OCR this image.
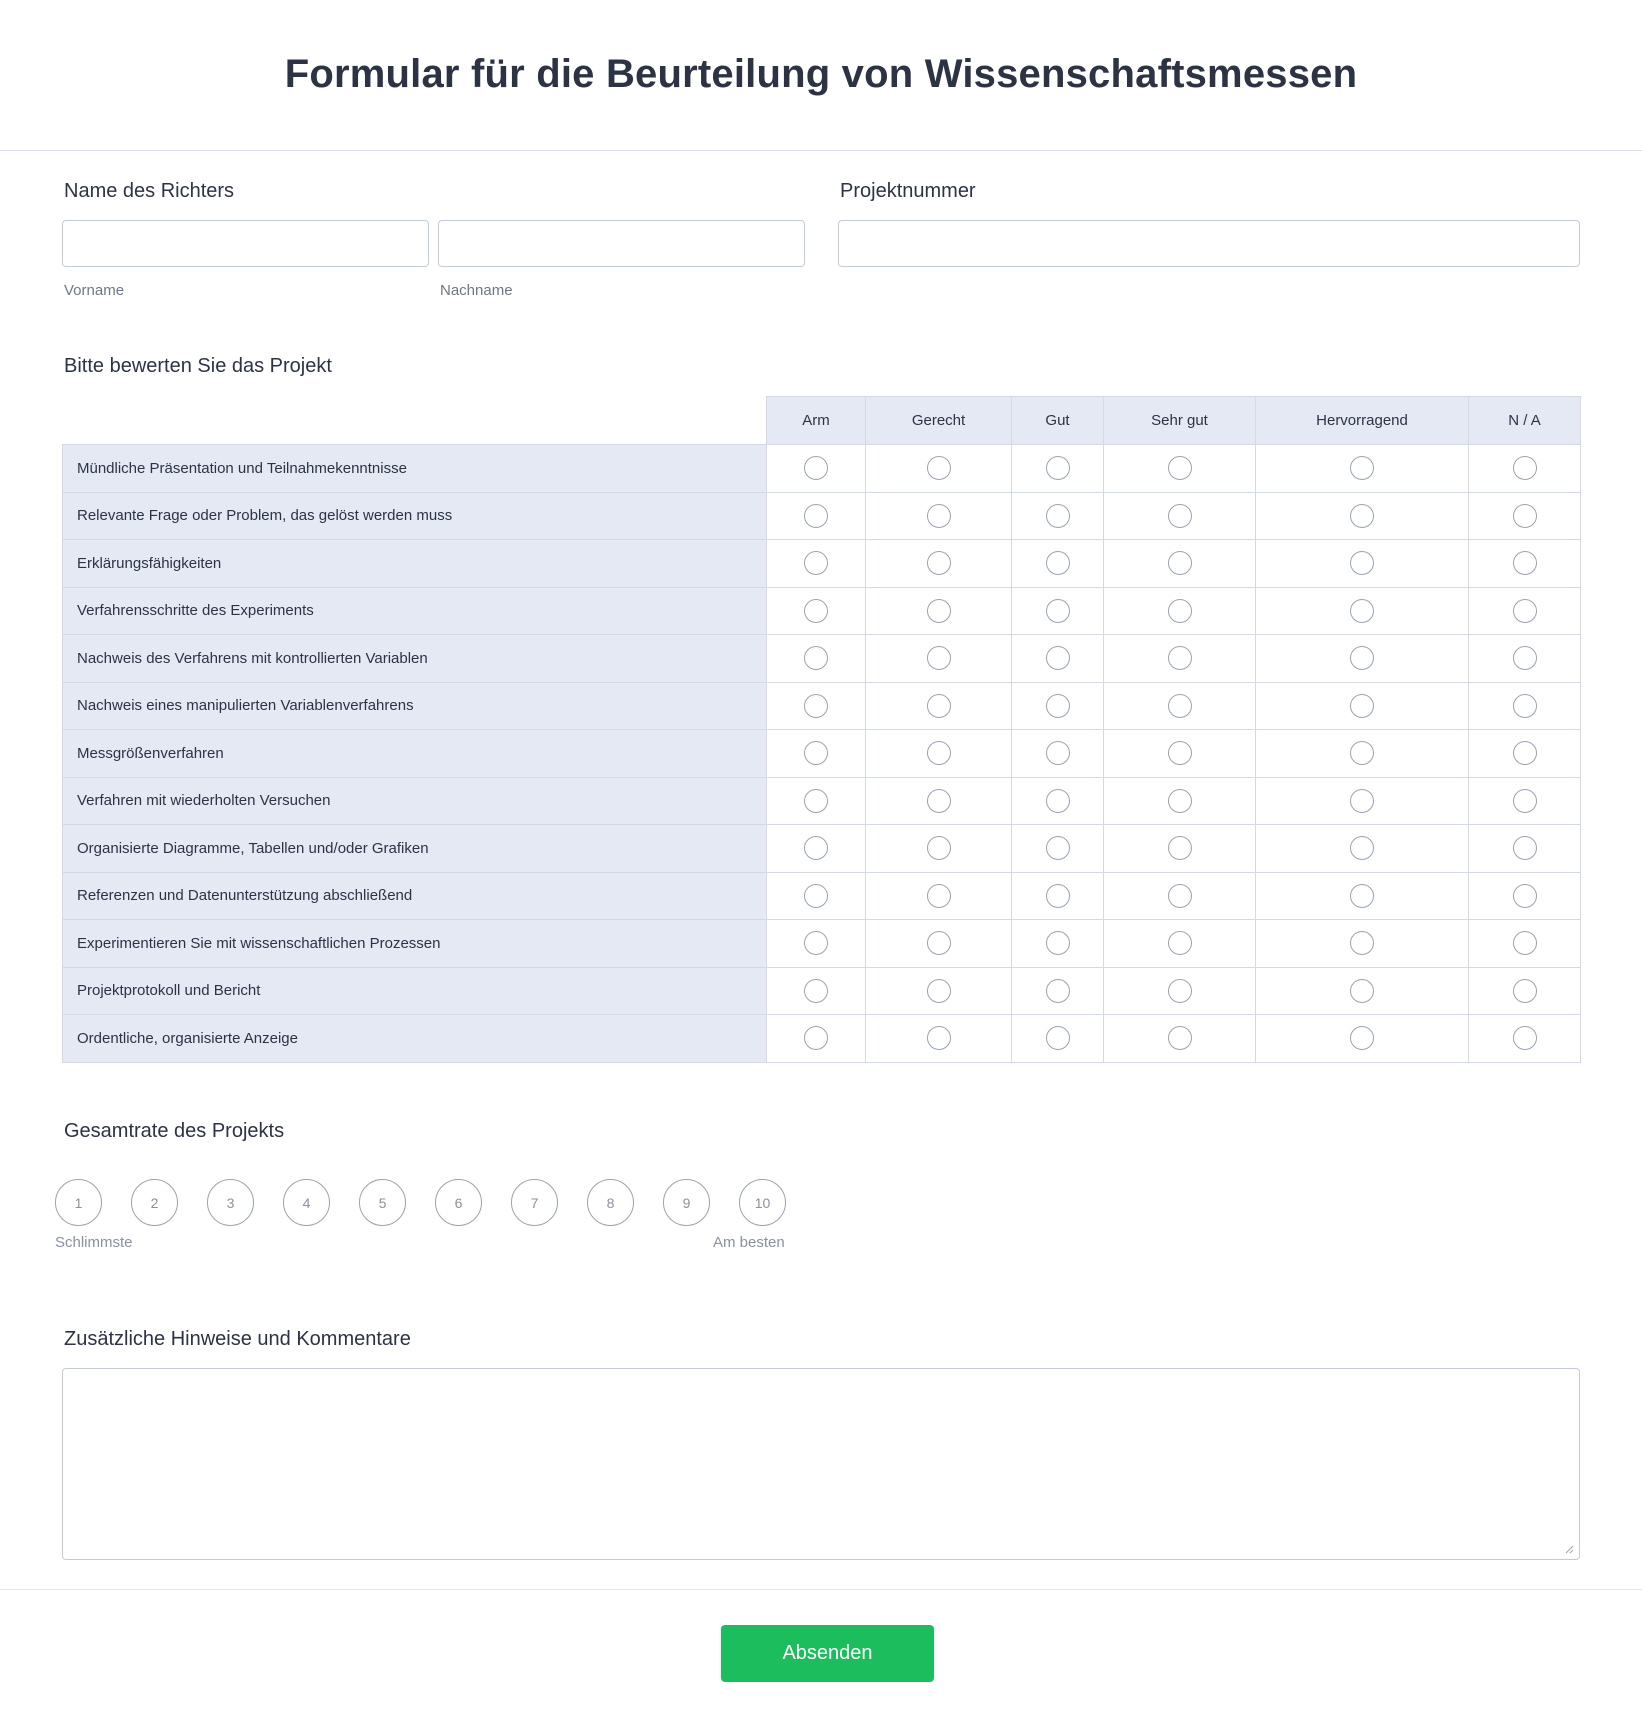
Formular für die Beurteilung von Wissenschaftsmessen
Name des Richters
Vorname	Nachname
Projektnummer
Bitte bewerten Sie das Projekt
	Arm	Gerecht	Gut	Sehr gut	Hervorragend	N / A
Mündliche Präsentation und Teilnahmekenntnisse						
Relevante Frage oder Problem, das gelöst werden muss						
Erklärungsfähigkeiten						
Verfahrensschritte des Experiments						
Nachweis des Verfahrens mit kontrollierten Variablen						
Nachweis eines manipulierten Variablenverfahrens						
Messgrößenverfahren						
Verfahren mit wiederholten Versuchen						
Organisierte Diagramme, Tabellen und/oder Grafiken						
Referenzen und Datenunterstützung abschließend						
Experimentieren Sie mit wissenschaftlichen Prozessen						
Projektprotokoll und Bericht						
Ordentliche, organisierte Anzeige						
Gesamtrate des Projekts
1	2	3	4	5	6	7	8	9	10
Schlimmste	Am besten
Zusätzliche Hinweise und Kommentare
Absenden
